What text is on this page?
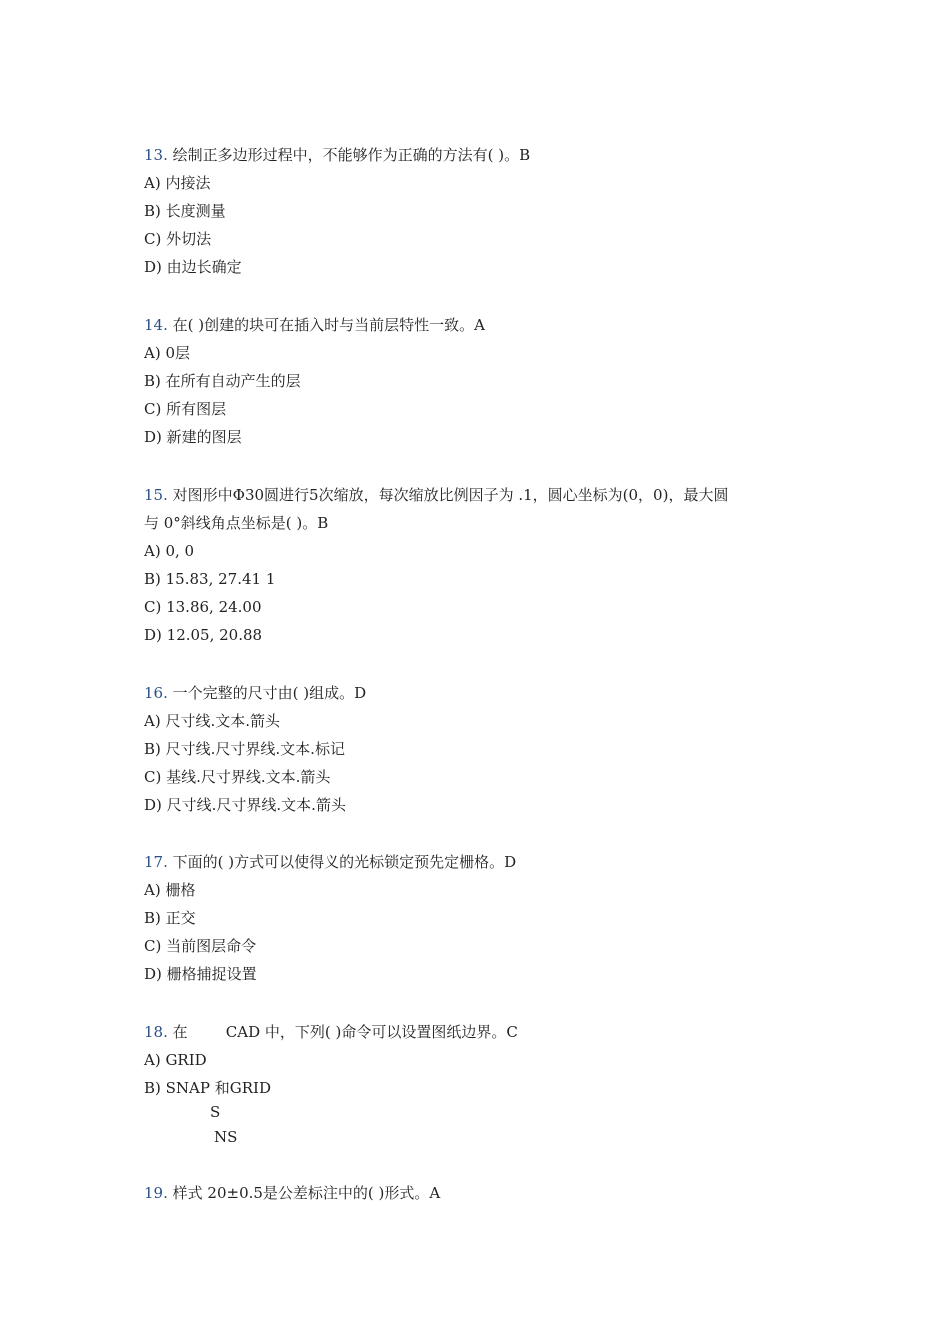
13. 绘制正多边形过程中，不能够作为正确的方法有( )。B
A) 内接法
B) 长度测量
C) 外切法
D) 由边长确定
14. 在( )创建的块可在插入时与当前层特性一致。A
A) 0层
B) 在所有自动产生的层
C) 所有图层
D) 新建的图层
15. 对图形中Φ30圆进行5次缩放，每次缩放比例因子为 .1，圆心坐标为(0，0)，最大圆
与 0°斜线角点坐标是( )。B
A) 0, 0
B) 15.83, 27.41 1
C) 13.86, 24.00
D) 12.05, 20.88
16. 一个完整的尺寸由( )组成。D
A) 尺寸线.文本.箭头
B) 尺寸线.尺寸界线.文本.标记
C) 基线.尺寸界线.文本.箭头
D) 尺寸线.尺寸界线.文本.箭头
17. 下面的( )方式可以使得义的光标锁定预先定栅格。D
A) 栅格
B) 正交
C) 当前图层命令
D) 栅格捕捉设置
18. 在        CAD 中，下列( )命令可以设置图纸边界。C
A) GRID
B) SNAP 和GRID
S
NS
19. 样式 20±0.5是公差标注中的( )形式。A
